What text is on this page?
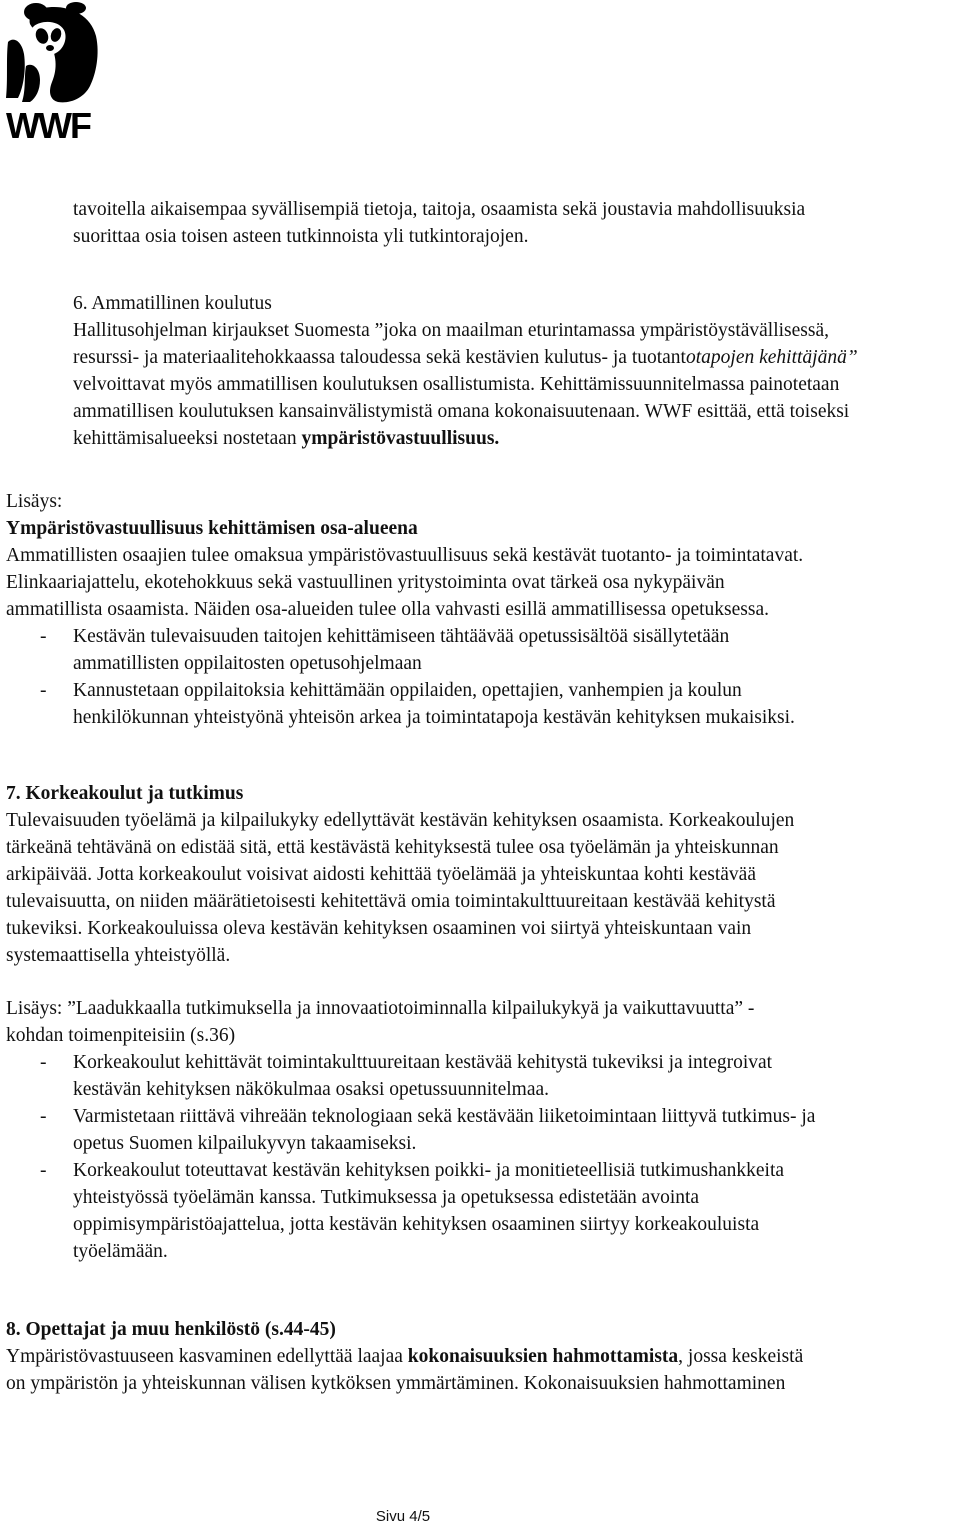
WWF
tavoitella aikaisempaa syvällisempiä tietoja, taitoja, osaamista sekä joustavia mahdollisuuksia
suorittaa osia toisen asteen tutkinnoista yli tutkintorajojen.
6. Ammatillinen koulutus
Hallitusohjelman kirjaukset Suomesta ”joka on maailman eturintamassa ympäristöystävällisessä,
resurssi- ja materiaalitehokkaassa taloudessa sekä kestävien kulutus- ja tuotantotapojen kehittäjänä”
velvoittavat myös ammatillisen koulutuksen osallistumista. Kehittämissuunnitelmassa painotetaan
ammatillisen koulutuksen kansainvälistymistä omana kokonaisuutenaan. WWF esittää, että toiseksi
kehittämisalueeksi nostetaan ympäristövastuullisuus.
Lisäys:
Ympäristövastuullisuus kehittämisen osa-alueena
Ammatillisten osaajien tulee omaksua ympäristövastuullisuus sekä kestävät tuotanto- ja toimintatavat.
Elinkaariajattelu, ekotehokkuus sekä vastuullinen yritystoiminta ovat tärkeä osa nykypäivän
ammatillista osaamista. Näiden osa-alueiden tulee olla vahvasti esillä ammatillisessa opetuksessa.
- Kestävän tulevaisuuden taitojen kehittämiseen tähtäävää opetussisältöä sisällytetään
ammatillisten oppilaitosten opetusohjelmaan
- Kannustetaan oppilaitoksia kehittämään oppilaiden, opettajien, vanhempien ja koulun
henkilökunnan yhteistyönä yhteisön arkea ja toimintatapoja kestävän kehityksen mukaisiksi.
7. Korkeakoulut ja tutkimus
Tulevaisuuden työelämä ja kilpailukyky edellyttävät kestävän kehityksen osaamista. Korkeakoulujen
tärkeänä tehtävänä on edistää sitä, että kestävästä kehityksestä tulee osa työelämän ja yhteiskunnan
arkipäivää. Jotta korkeakoulut voisivat aidosti kehittää työelämää ja yhteiskuntaa kohti kestävää
tulevaisuutta, on niiden määrätietoisesti kehitettävä omia toimintakulttuureitaan kestävää kehitystä
tukeviksi. Korkeakouluissa oleva kestävän kehityksen osaaminen voi siirtyä yhteiskuntaan vain
systemaattisella yhteistyöllä.
Lisäys: ”Laadukkaalla tutkimuksella ja innovaatiotoiminnalla kilpailukykyä ja vaikuttavuutta” -
kohdan toimenpiteisiin (s.36)
- Korkeakoulut kehittävät toimintakulttuureitaan kestävää kehitystä tukeviksi ja integroivat
kestävän kehityksen näkökulmaa osaksi opetussuunnitelmaa.
- Varmistetaan riittävä vihreään teknologiaan sekä kestävään liiketoimintaan liittyvä tutkimus- ja
opetus Suomen kilpailukyvyn takaamiseksi.
- Korkeakoulut toteuttavat kestävän kehityksen poikki- ja monitieteellisiä tutkimushankkeita
yhteistyössä työelämän kanssa. Tutkimuksessa ja opetuksessa edistetään avointa
oppimisympäristöajattelua, jotta kestävän kehityksen osaaminen siirtyy korkeakouluista
työelämään.
8. Opettajat ja muu henkilöstö (s.44-45)
Ympäristövastuuseen kasvaminen edellyttää laajaa kokonaisuuksien hahmottamista, jossa keskeistä
on ympäristön ja yhteiskunnan välisen kytköksen ymmärtäminen. Kokonaisuuksien hahmottaminen
Sivu 4/5
